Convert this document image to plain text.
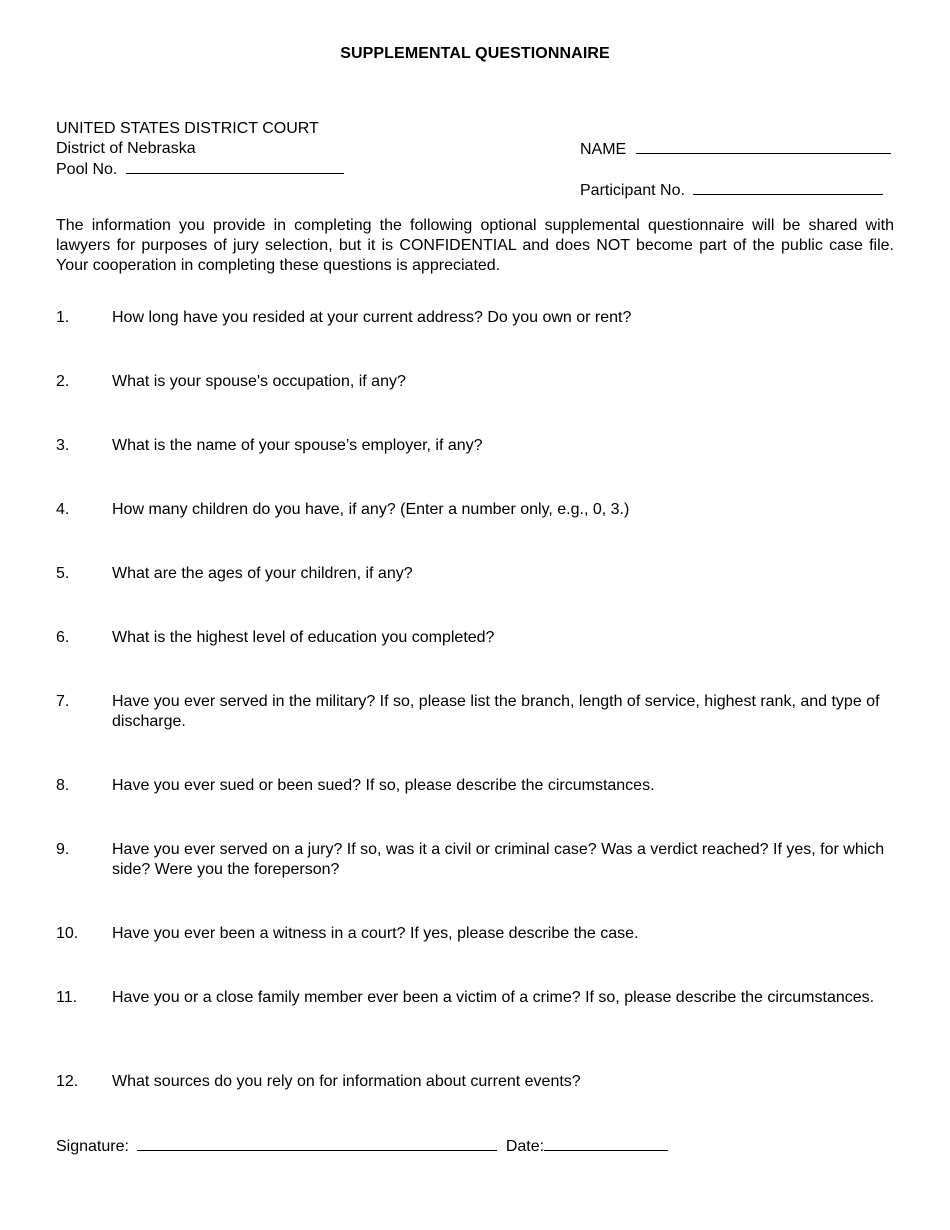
SUPPLEMENTAL QUESTIONNAIRE
UNITED STATES DISTRICT COURT
District of Nebraska
Pool No.
NAME
Participant No.
The information you provide in completing the following optional supplemental questionnaire will be shared with lawyers for purposes of jury selection, but it is CONFIDENTIAL and does NOT become part of the public case file. Your cooperation in completing these questions is appreciated.
1.	How long have you resided at your current address? Do you own or rent?
2.	What is your spouse's occupation, if any?
3.	What is the name of your spouse’s employer, if any?
4.	How many children do you have, if any? (Enter a number only, e.g., 0, 3.)
5.	What are the ages of your children, if any?
6.	What is the highest level of education you completed?
7.	Have you ever served in the military? If so, please list the branch, length of service, highest rank, and type of discharge.
8.	Have you ever sued or been sued? If so, please describe the circumstances.
9.	Have you ever served on a jury? If so, was it a civil or criminal case? Was a verdict reached? If yes, for which side? Were you the foreperson?
10. Have you ever been a witness in a court? If yes, please describe the case.
11. Have you or a close family member ever been a victim of a crime? If so, please describe the circumstances.
12. What sources do you rely on for information about current events?
Signature:	Date:
